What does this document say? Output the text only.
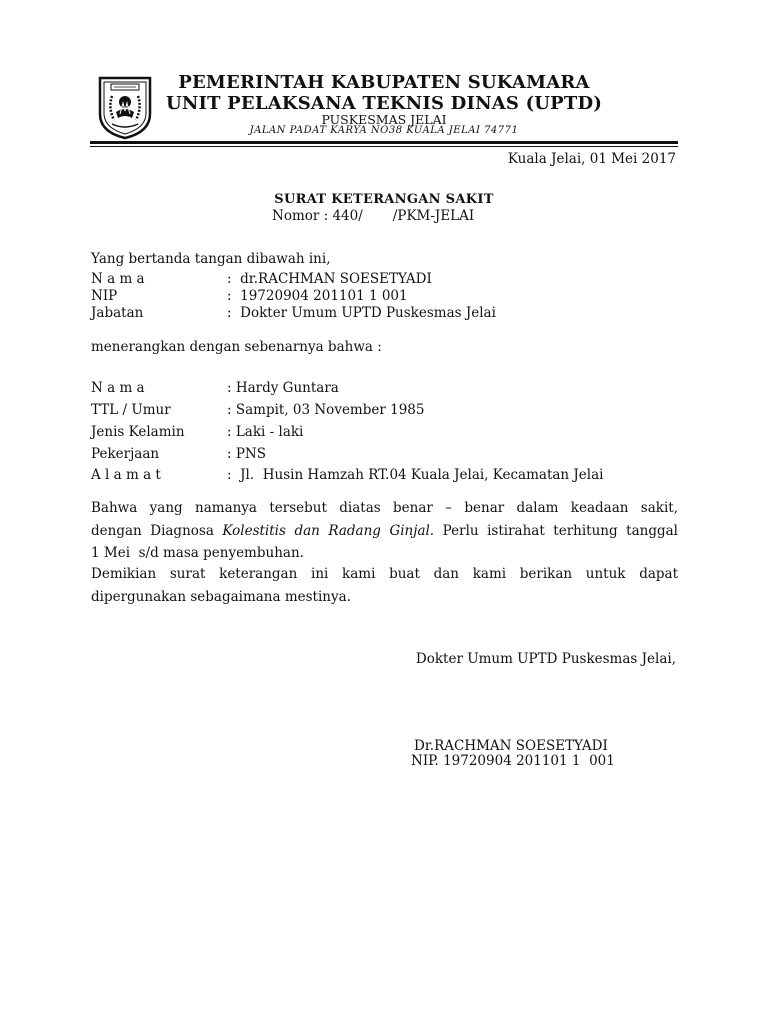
PEMERINTAH KABUPATEN SUKAMARA
UNIT PELAKSANA TEKNIS DINAS (UPTD)
PUSKESMAS JELAI
JALAN PADAT KARYA NO38 KUALA JELAI 74771
Kuala Jelai, 01 Mei 2017
SURAT KETERANGAN SAKIT
Nomor : 440/       /PKM-JELAI
Yang bertanda tangan dibawah ini,
N a m a	:  dr.RACHMAN SOESETYADI
NIP	:  19720904 201101 1 001
Jabatan	:  Dokter Umum UPTD Puskesmas Jelai
menerangkan dengan sebenarnya bahwa :
N a m a	: Hardy Guntara
TTL / Umur	: Sampit, 03 November 1985
Jenis Kelamin	: Laki - laki
Pekerjaan	: PNS
A l a m a t	:  Jl.  Husin Hamzah RT.04 Kuala Jelai, Kecamatan Jelai
Bahwa yang namanya tersebut diatas benar – benar dalam keadaan sakit,
dengan Diagnosa Kolestitis dan Radang Ginjal. Perlu istirahat terhitung tanggal
1 Mei  s/d masa penyembuhan.
Demikian surat keterangan ini kami buat dan kami berikan untuk dapat
dipergunakan sebagaimana mestinya.
Dokter Umum UPTD Puskesmas Jelai,
Dr.RACHMAN SOESETYADI
NIP. 19720904 201101 1  001
